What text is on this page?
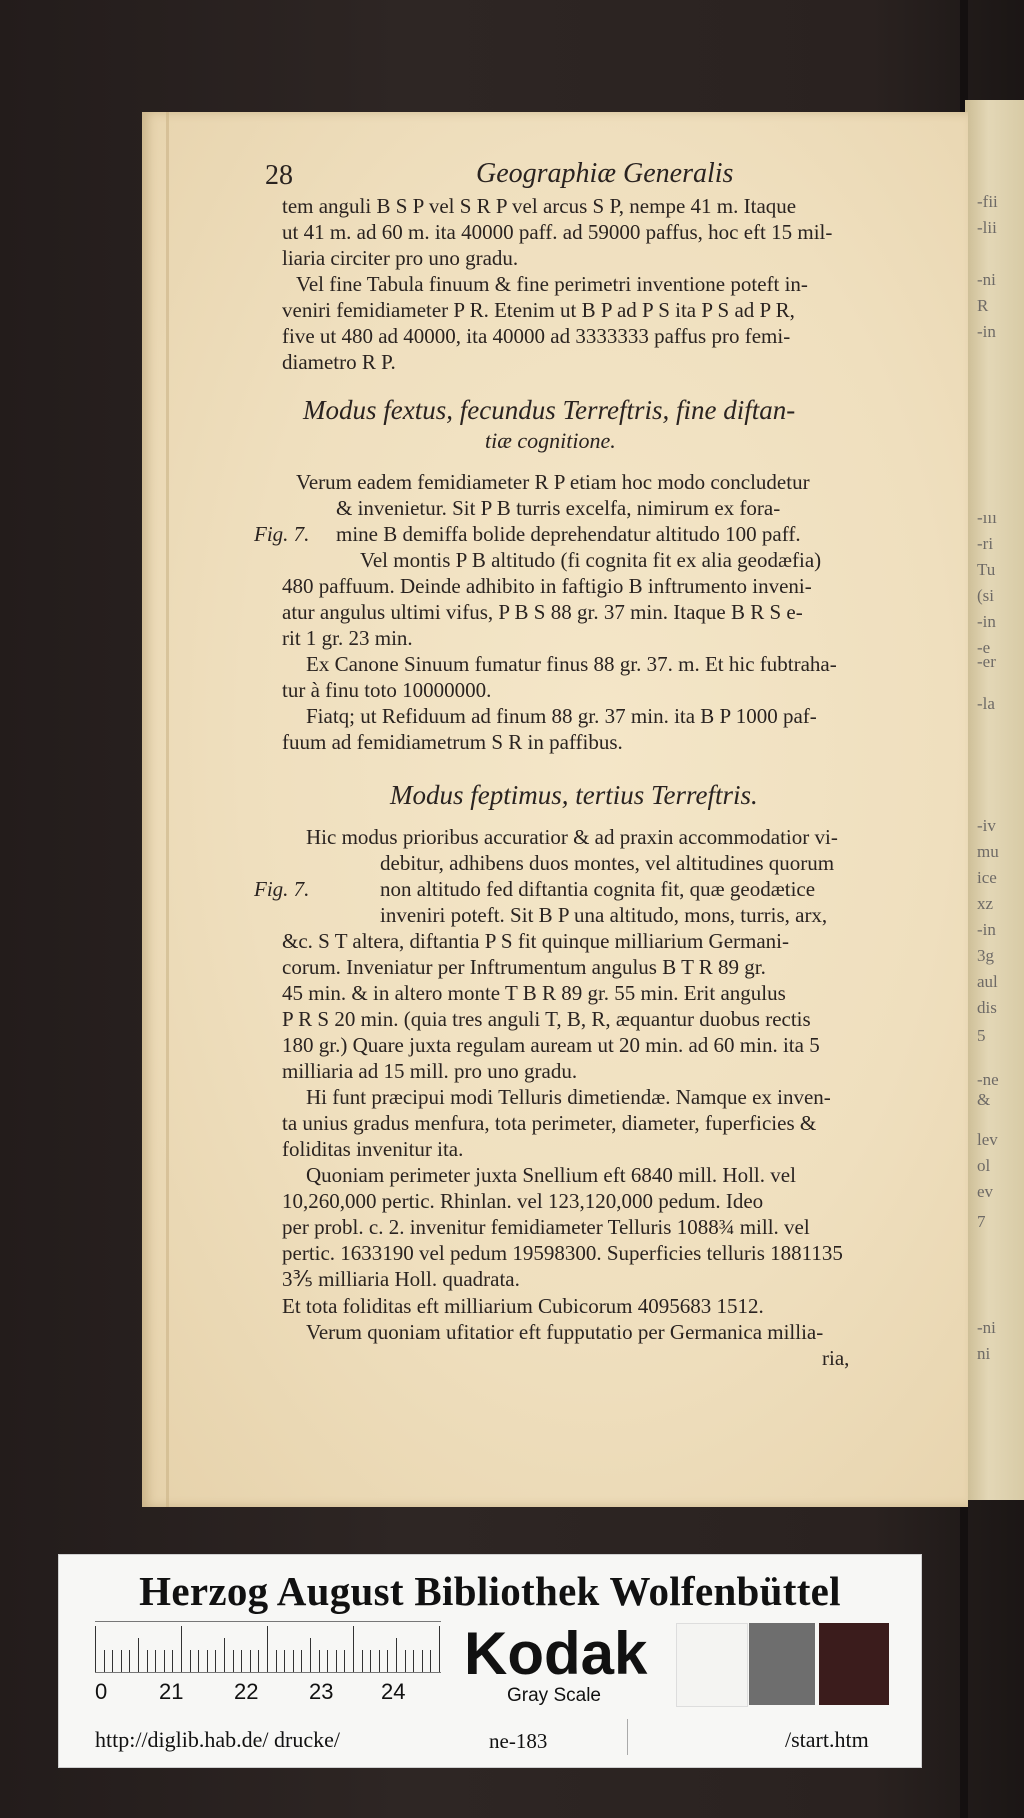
-fii
-lii
-ni
R
-in
-ııı
-ri
Tu
(si
-in
-e
-er
-la
-iv
mu
ice
xz
-in
3g
aul
dis
5
-ne
&
lev
ol
ev
7
-ni
ni
Herzog August Bibliothek Wolfenbüttel
0 21 22 23 24
Kodak
Gray Scale
http://diglib.hab.de/ drucke/	ne-183	/start.htm
28	Geographiæ Generalis
tem anguli B S P vel S R P vel arcus S P, nempe 41 m. Itaque
ut 41 m. ad 60 m. ita 40000 paff. ad 59000 paffus, hoc eft 15 mil-
liaria circiter pro uno gradu.
Vel fine Tabula finuum & fine perimetri inventione poteft in-
veniri femidiameter P R. Etenim ut B P ad P S ita P S ad P R,
five ut 480 ad 40000, ita 40000 ad 3333333 paffus pro femi-
diametro R P.
Verum eadem femidiameter R P etiam hoc modo concludetur
& invenietur. Sit P B turris excelfa, nimirum ex fora-
mine B demiffa bolide deprehendatur altitudo 100 paff.
Vel montis P B altitudo (fi cognita fit ex alia geodæfia)
480 paffuum. Deinde adhibito in faftigio B inftrumento inveni-
atur angulus ultimi vifus, P B S 88 gr. 37 min. Itaque B R S e-
rit 1 gr. 23 min.
Ex Canone Sinuum fumatur finus 88 gr. 37. m. Et hic fubtraha-
tur à finu toto 10000000.
Fiatq; ut Refiduum ad finum 88 gr. 37 min. ita B P 1000 paf-
fuum ad femidiametrum S R in paffibus.
Hic modus prioribus accuratior & ad praxin accommodatior vi-
debitur, adhibens duos montes, vel altitudines quorum
non altitudo fed diftantia cognita fit, quæ geodætice
inveniri poteft. Sit B P una altitudo, mons, turris, arx,
&c. S T altera, diftantia P S fit quinque milliarium Germani-
corum. Inveniatur per Inftrumentum angulus B T R 89 gr.
45 min. & in altero monte T B R 89 gr. 55 min. Erit angulus
P R S 20 min. (quia tres anguli T, B, R, æquantur duobus rectis
180 gr.) Quare juxta regulam auream ut 20 min. ad 60 min. ita 5
milliaria ad 15 mill. pro uno gradu.
Hi funt præcipui modi Telluris dimetiendæ. Namque ex inven-
ta unius gradus menfura, tota perimeter, diameter, fuperficies &
foliditas invenitur ita.
Quoniam perimeter juxta Snellium eft 6840 mill. Holl. vel
10,260,000 pertic. Rhinlan. vel 123,120,000 pedum. Ideo
per probl. c. 2. invenitur femidiameter Telluris 1088¾ mill. vel
pertic. 1633190 vel pedum 19598300. Superficies telluris 1881135
3⅗ milliaria Holl. quadrata.
Et tota foliditas eft milliarium Cubicorum 4095683 1512.
Verum quoniam ufitatior eft fupputatio per Germanica millia-
ria,
Modus fextus, fecundus Terreftris, fine diftan-
tiæ cognitione.
Modus feptimus, tertius Terreftris.
Fig. 7.
Fig. 7.
